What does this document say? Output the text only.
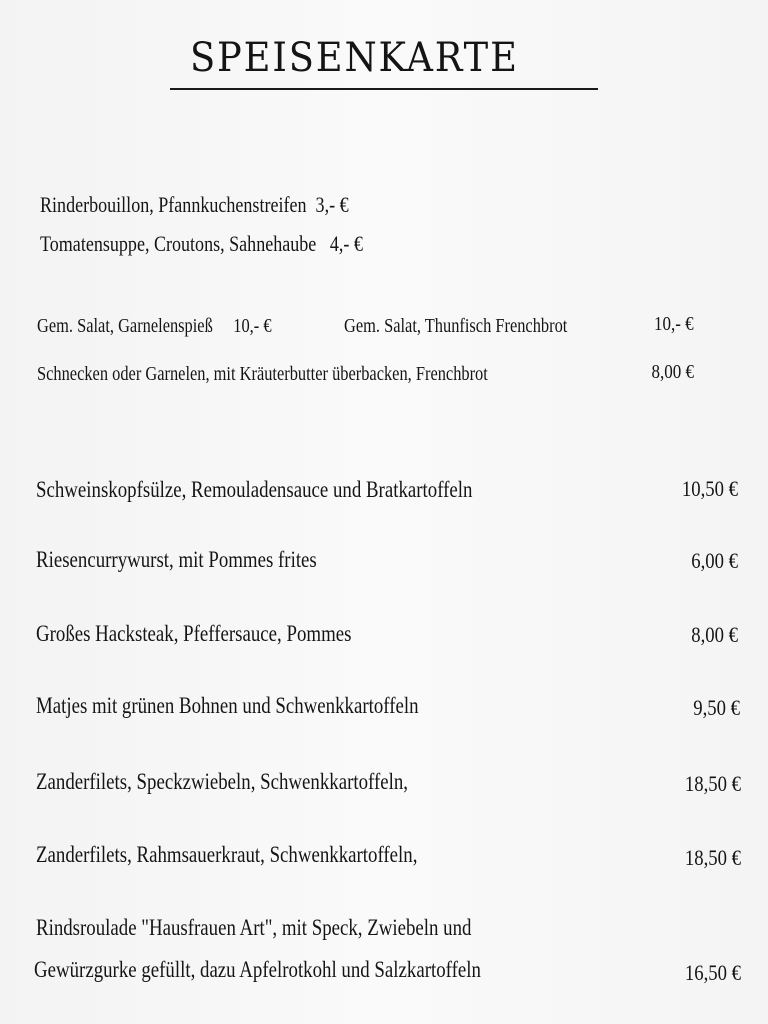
SPEISENKARTE
Rinderbouillon, Pfannkuchenstreifen 3,- €
Tomatensuppe, Croutons, Sahnehaube 4,- €
Gem. Salat, Garnelenspieß 10,- €	Gem. Salat, Thunfisch Frenchbrot	10,- €
Schnecken oder Garnelen, mit Kräuterbutter überbacken, Frenchbrot	8,00 €
Schweinskopfsülze, Remouladensauce und Bratkartoffeln	10,50 €
Riesencurrywurst, mit Pommes frites	6,00 €
Großes Hacksteak, Pfeffersauce, Pommes	8,00 €
Matjes mit grünen Bohnen und Schwenkkartoffeln	9,50 €
Zanderfilets, Speckzwiebeln, Schwenkkartoffeln,	18,50 €
Zanderfilets, Rahmsauerkraut, Schwenkkartoffeln,	18,50 €
Rindsroulade "Hausfrauen Art", mit Speck, Zwiebeln und
Gewürzgurke gefüllt, dazu Apfelrotkohl und Salzkartoffeln	16,50 €
